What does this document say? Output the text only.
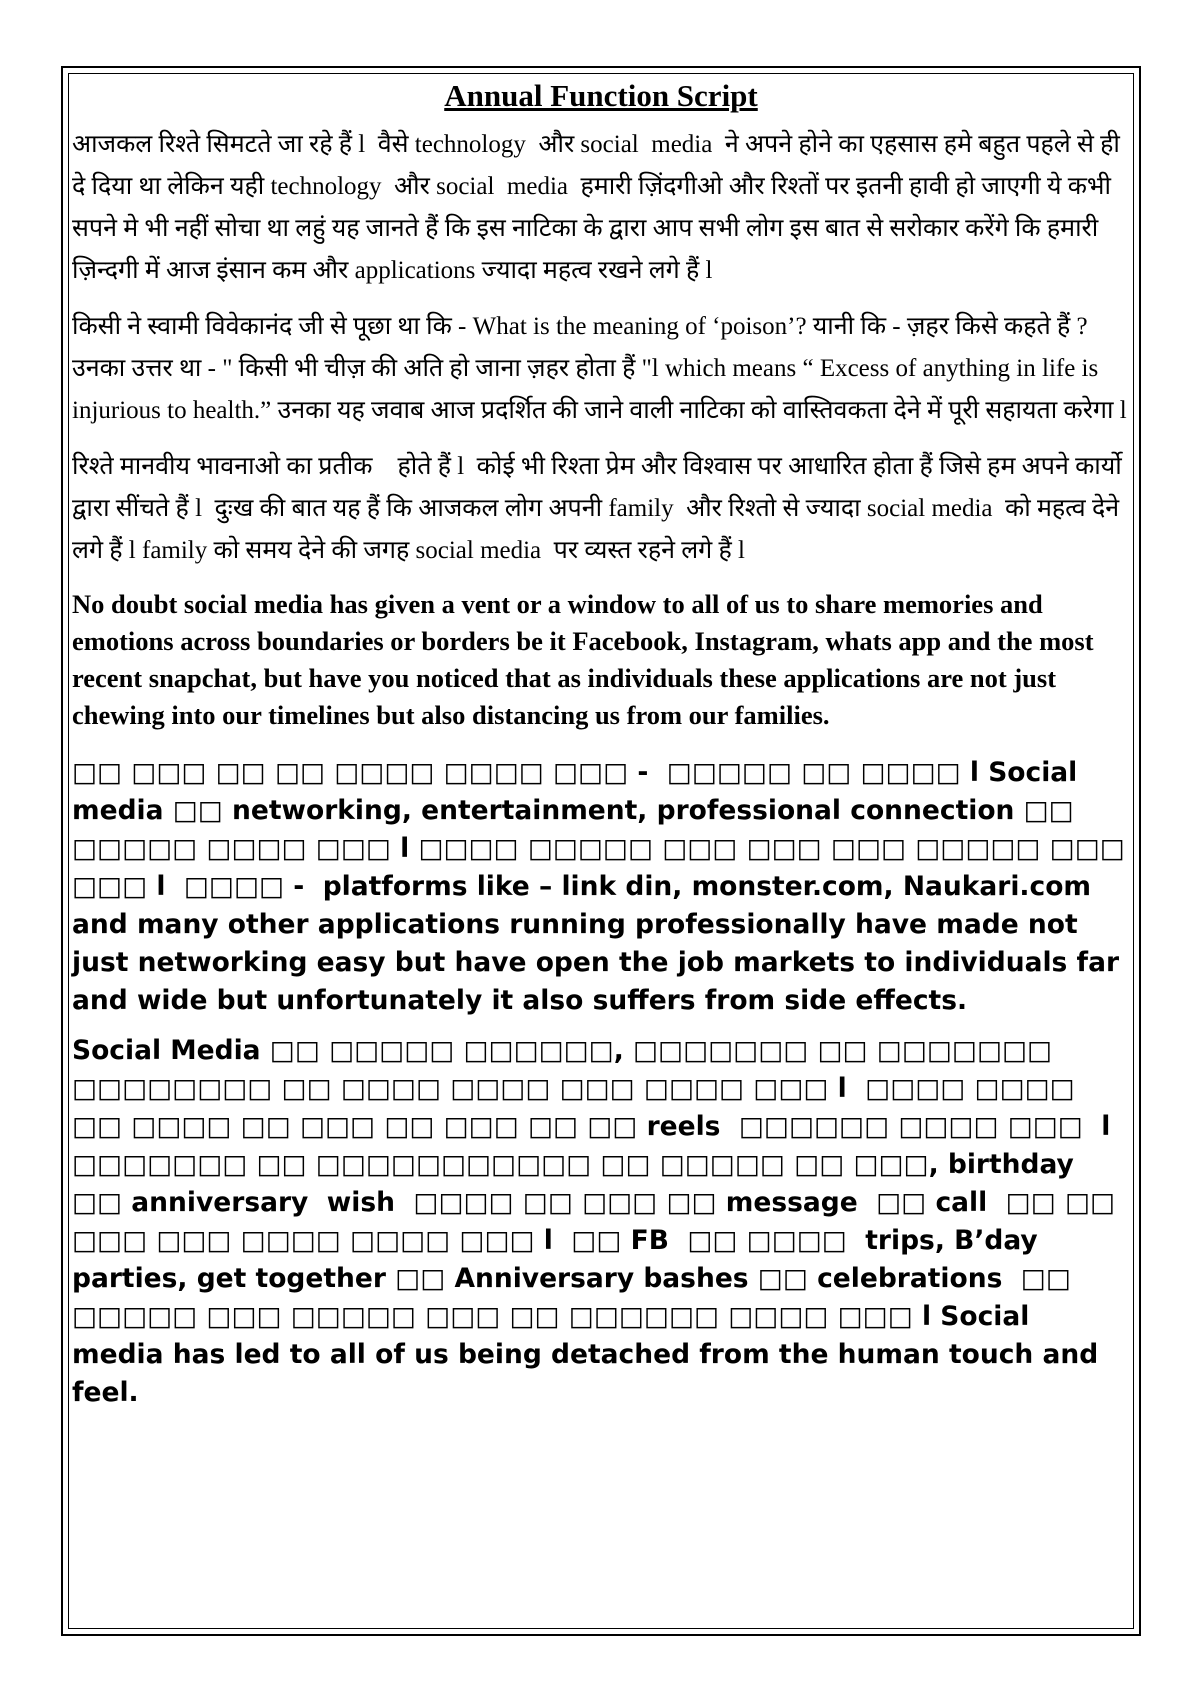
Annual Function Script

आजकल रिश्ते सिमटते जा रहे हैं l  वैसे technology  और social  media  ने अपने होने का एहसास हमे बहुत पहले से ही दे दिया था लेकिन यही technology  और social  media  हमारी ज़िंदगीओ और रिश्तों पर इतनी हावी हो जाएगी ये कभी सपने मे भी नहीं सोचा था लहुं यह जानते हैं कि इस नाटिका के द्वारा आप सभी लोग इस बात से सरोकार करेंगे कि हमारी ज़िन्दगी में आज इंसान कम और applications ज्यादा महत्व रखने लगे हैं l

किसी ने स्वामी विवेकानंद जी से पूछा था कि - What is the meaning of ‘poison’? यानी कि - ज़हर किसे कहते हैं ? उनका उत्तर था - " किसी भी चीज़ की अति हो जाना ज़हर होता हैं "l which means “ Excess of anything in life is injurious to health.” उनका यह जवाब आज प्रदर्शित की जाने वाली नाटिका को वास्तिवकता देने में पूरी सहायता करेगा l

रिश्ते मानवीय भावनाओ का प्रतीक    होते हैं l  कोई भी रिश्ता प्रेम और विश्वास पर आधारित होता हैं जिसे हम अपने कार्यो द्वारा सींचते हैं l  दुःख की बात यह हैं कि आजकल लोग अपनी family  और रिश्तो से ज्यादा social media  को महत्व देने लगे हैं l family को समय देने की जगह social media  पर व्यस्त रहने लगे हैं l

No doubt social media has given a vent or a window to all of us to share memories and emotions across boundaries or borders be it Facebook, Instagram, whats app and the most recent snapchat, but have you noticed that as individuals these applications are not just chewing into our timelines but also distancing us from our families.

□□ □□□ □□ □□ □□□□ □□□□ □□□ -  □□□□□ □□ □□□□ l Social media □□ networking, entertainment, professional connection □□ □□□□□ □□□□ □□□ l □□□□ □□□□□ □□□ □□□ □□□ □□□□□ □□□ □□□ l  □□□□ -  platforms like – link din, monster.com, Naukari.com and many other applications running professionally have made not just networking easy but have open the job markets to individuals far and wide but unfortunately it also suffers from side effects.

Social Media □□ □□□□□ □□□□□□, □□□□□□□ □□ □□□□□□□ □□□□□□□□ □□ □□□□ □□□□ □□□ □□□□ □□□ l  □□□□ □□□□ □□ □□□□ □□ □□□ □□ □□□ □□ □□ reels  □□□□□□ □□□□ □□□  l  □□□□□□□ □□ □□□□□□□□□□□ □□ □□□□□ □□ □□□, birthday  □□ anniversary  wish  □□□□ □□ □□□ □□ message  □□ call  □□ □□ □□□ □□□ □□□□ □□□□ □□□ l  □□ FB  □□ □□□□  trips, B’day parties, get together □□ Anniversary bashes □□ celebrations  □□ □□□□□ □□□ □□□□□ □□□ □□ □□□□□□ □□□□ □□□ l Social media has led to all of us being detached from the human touch and feel.
